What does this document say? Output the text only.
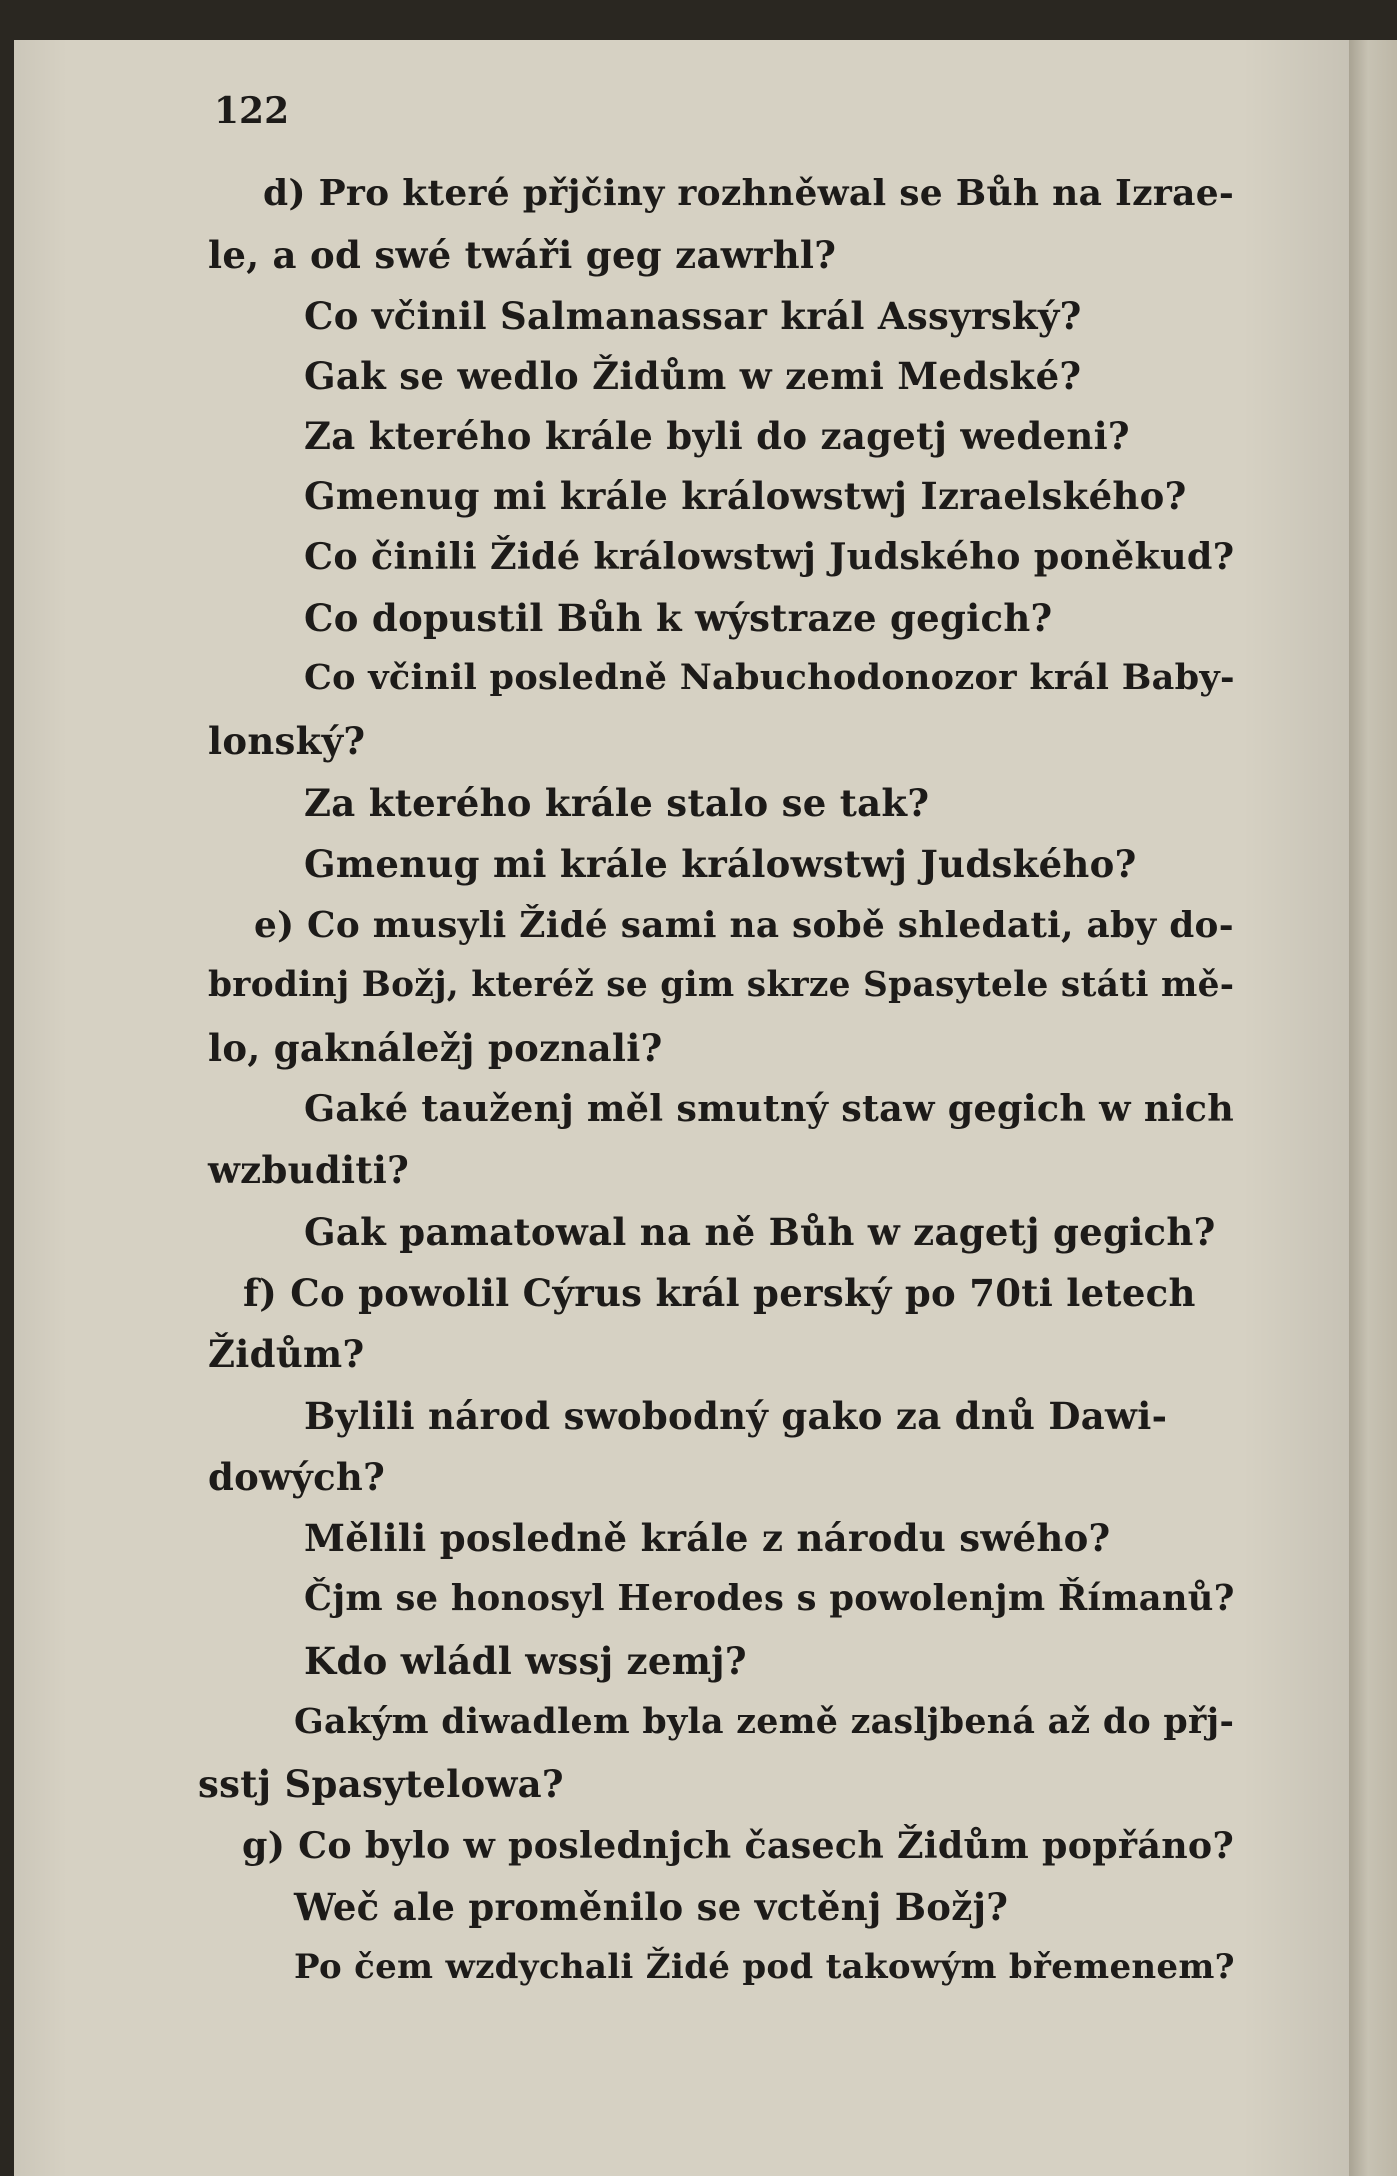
122
d) Pro které přjčiny rozhněwal se Bůh na Izrae-
le, a od swé twáři geg zawrhl?
Co včinil Salmanassar král Assyrský?
Gak se wedlo Židům w zemi Medské?
Za kterého krále byli do zagetj wedeni?
Gmenug mi krále králowstwj Izraelského?
Co činili Židé králowstwj Judského poněkud?
Co dopustil Bůh k wýstraze gegich?
Co včinil posledně Nabuchodonozor král Baby-
lonský?
Za kterého krále stalo se tak?
Gmenug mi krále králowstwj Judského?
e) Co musyli Židé sami na sobě shledati, aby do-
brodinj Božj, kteréž se gim skrze Spasytele státi mě-
lo, gaknáležj poznali?
Gaké tauženj měl smutný staw gegich w nich
wzbuditi?
Gak pamatowal na ně Bůh w zagetj gegich?
f) Co powolil Cýrus král perský po 70ti letech
Židům?
Bylili národ swobodný gako za dnů Dawi-
dowých?
Mělili posledně krále z národu swého?
Čjm se honosyl Herodes s powolenjm Římanů?
Kdo wládl wssj zemj?
Gakým diwadlem byla země zasljbená až do přj-
sstj Spasytelowa?
g) Co bylo w poslednjch časech Židům popřáno?
Weč ale proměnilo se vctěnj Božj?
Po čem wzdychali Židé pod takowým břemenem?
